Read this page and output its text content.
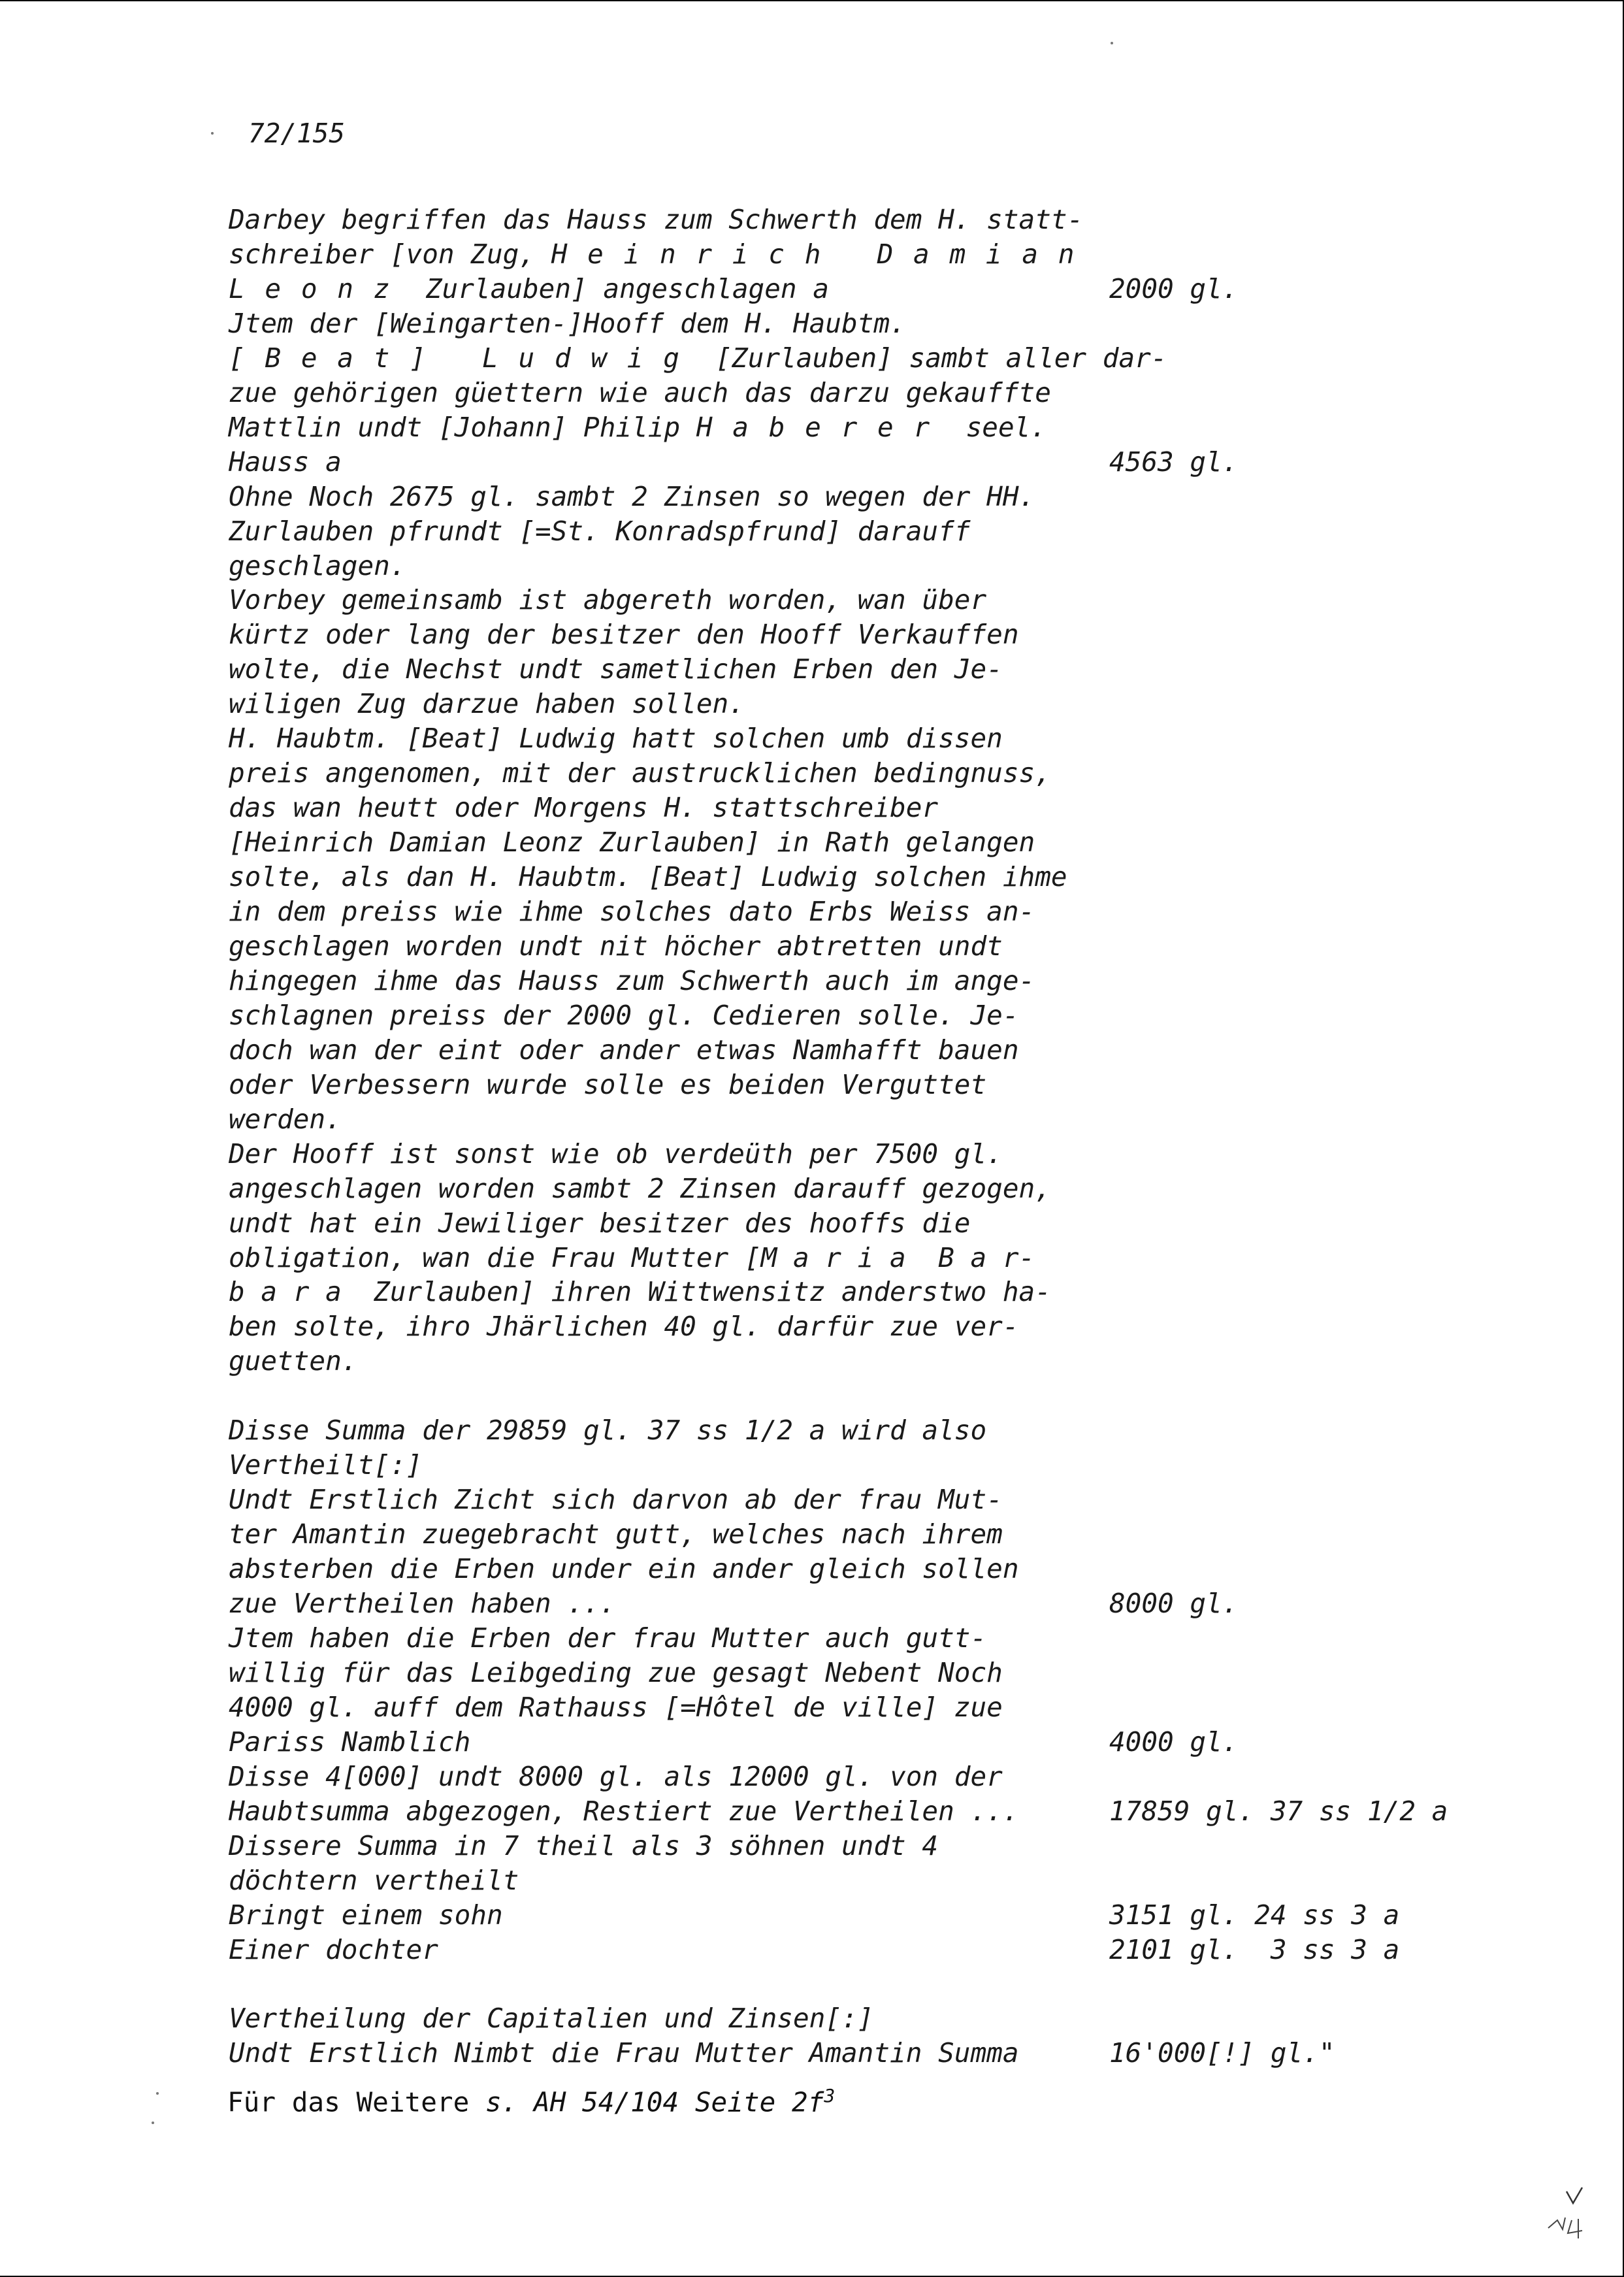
72/155
Darbey begriffen das Hauss zum Schwerth dem H. statt-
schreiber [von Zug, Heinrich Damian
Leonz Zurlauben] angeschlagen a	2000 gl.
Jtem der [Weingarten-]Hooff dem H. Haubtm.
[Beat] Ludwig [Zurlauben] sambt aller dar-
zue gehörigen güettern wie auch das darzu gekauffte
Mattlin undt [Johann] Philip Haberer seel.
Hauss a	4563 gl.
Ohne Noch 2675 gl. sambt 2 Zinsen so wegen der HH.
Zurlauben pfrundt [=St. Konradspfrund] darauff
geschlagen.
Vorbey gemeinsamb ist abgereth worden, wan über
kürtz oder lang der besitzer den Hooff Verkauffen
wolte, die Nechst undt sametlichen Erben den Je-
wiligen Zug darzue haben sollen.
H. Haubtm. [Beat] Ludwig hatt solchen umb dissen
preis angenomen, mit der austrucklichen bedingnuss,
das wan heutt oder Morgens H. stattschreiber
[Heinrich Damian Leonz Zurlauben] in Rath gelangen
solte, als dan H. Haubtm. [Beat] Ludwig solchen ihme
in dem preiss wie ihme solches dato Erbs Weiss an-
geschlagen worden undt nit höcher abtretten undt
hingegen ihme das Hauss zum Schwerth auch im ange-
schlagnen preiss der 2000 gl. Cedieren solle. Je-
doch wan der eint oder ander etwas Namhafft bauen
oder Verbessern wurde solle es beiden Verguttet
werden.
Der Hooff ist sonst wie ob verdeüth per 7500 gl.
angeschlagen worden sambt 2 Zinsen darauff gezogen,
undt hat ein Jewiliger besitzer des hooffs die
obligation, wan die Frau Mutter [M a r i a  B a r-
b a r a  Zurlauben] ihren Wittwensitz anderstwo ha-
ben solte, ihro Jhärlichen 40 gl. darfür zue ver-
guetten.
Disse Summa der 29859 gl. 37 ss 1/2 a wird also
Vertheilt[:]
Undt Erstlich Zicht sich darvon ab der frau Mut-
ter Amantin zuegebracht gutt, welches nach ihrem
absterben die Erben under ein ander gleich sollen
zue Vertheilen haben ...	8000 gl.
Jtem haben die Erben der frau Mutter auch gutt-
willig für das Leibgeding zue gesagt Nebent Noch
4000 gl. auff dem Rathauss [=Hôtel de ville] zue
Pariss Namblich	4000 gl.
Disse 4[000] undt 8000 gl. als 12000 gl. von der
Haubtsumma abgezogen, Restiert zue Vertheilen ...	17859 gl. 37 ss 1/2 a
Dissere Summa in 7 theil als 3 söhnen undt 4
döchtern vertheilt
Bringt einem sohn	3151 gl. 24 ss 3 a
Einer dochter	2101 gl.  3 ss 3 a
Vertheilung der Capitalien und Zinsen[:]
Undt Erstlich Nimbt die Frau Mutter Amantin Summa	16'000[!] gl."
Für das Weitere s. AH 54/104 Seite $2f^3$
